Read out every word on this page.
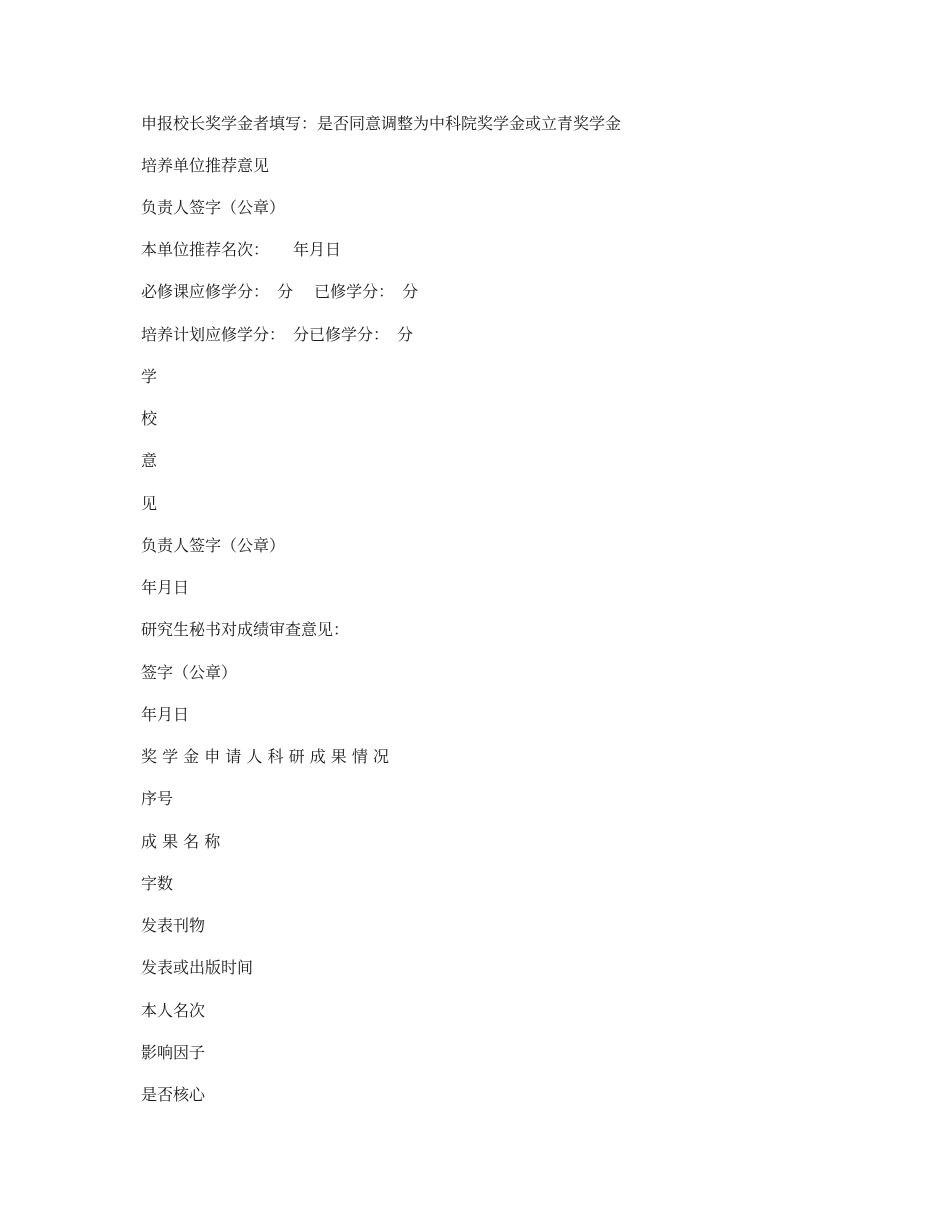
申报校长奖学金者填写：是否同意调整为中科院奖学金或立青奖学金

培养单位推荐意见

负责人签字（公章）

本单位推荐名次：　　年月日

必修课应修学分：　分　 已修学分：　分

培养计划应修学分：　分已修学分：　分

学

校

意

见

负责人签字（公章）

年月日

研究生秘书对成绩审查意见：

签字（公章）

年月日

奖 学 金 申 请 人 科 研 成 果 情 况

序号

成 果 名 称

字数

发表刊物

发表或出版时间

本人名次

影响因子

是否核心
